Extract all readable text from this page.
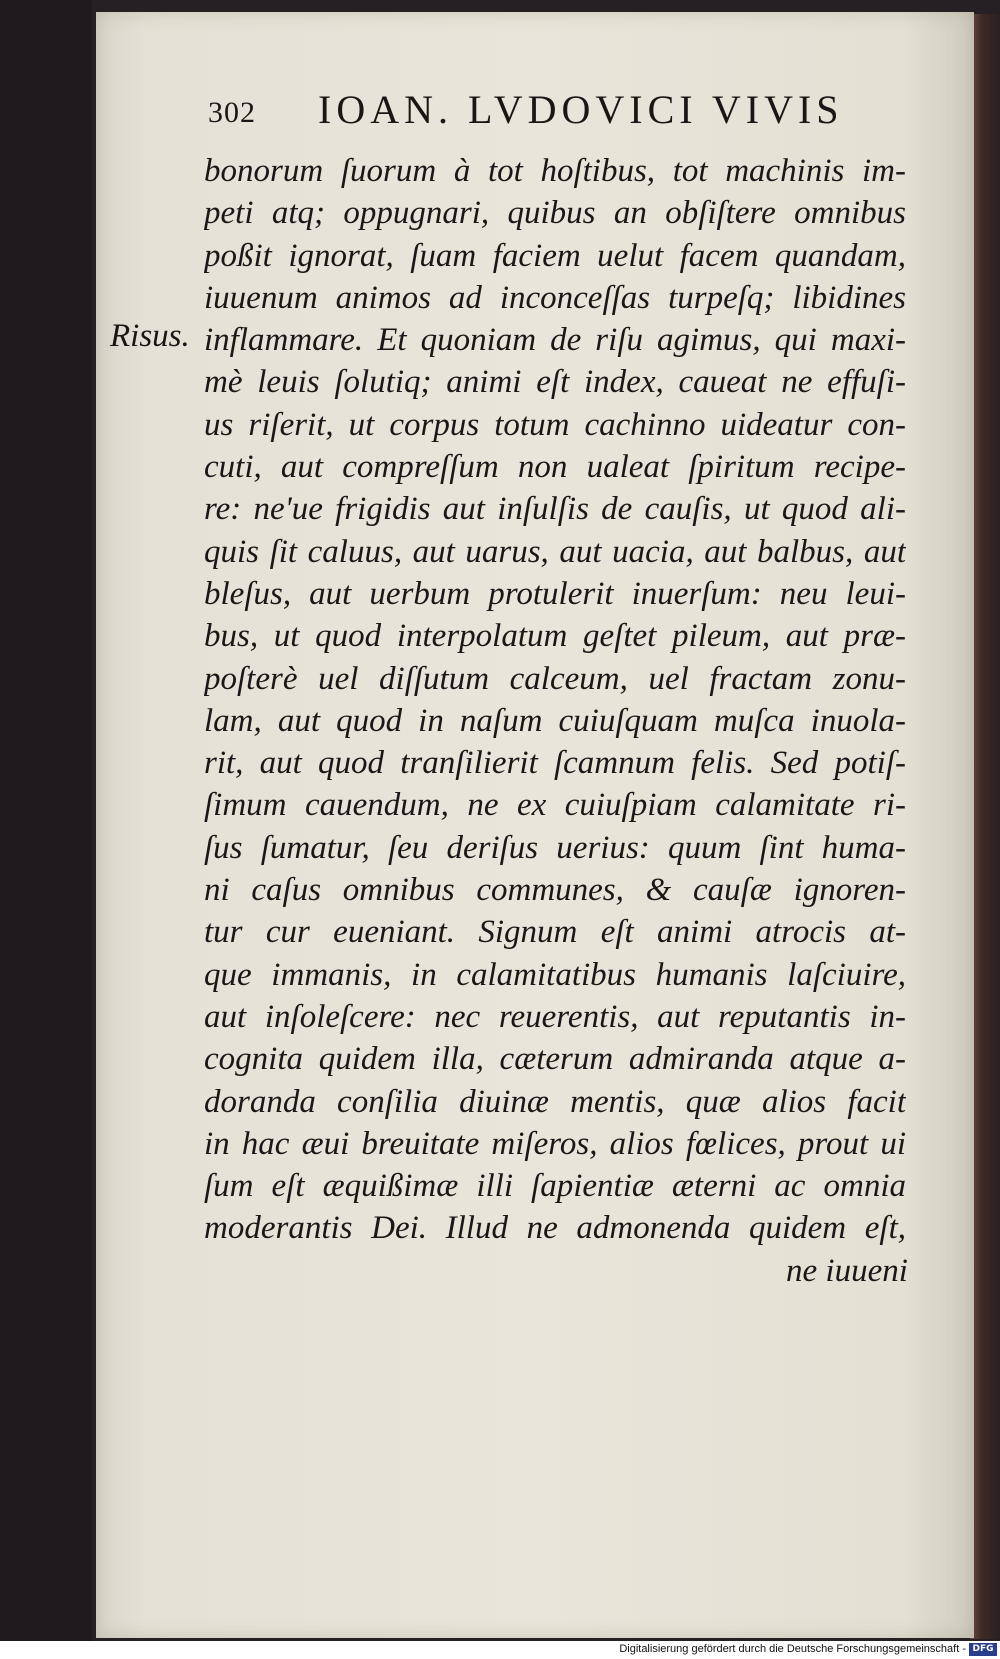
302 IOAN. LVDOVICI VIVIS
Risus.
bonorum ſuorum à tot hoſtibus, tot machinis im-
peti atq; oppugnari, quibus an obſiſtere omnibus
poßit ignorat, ſuam faciem uelut facem quandam,
iuuenum animos ad inconceſſas turpeſq; libidines
inflammare. Et quoniam de riſu agimus, qui maxi-
mè leuis ſolutiq; animi eſt index, caueat ne effuſi-
us riſerit, ut corpus totum cachinno uideatur con-
cuti, aut compreſſum non ualeat ſpiritum recipe-
re: ne'ue frigidis aut inſulſis de cauſis, ut quod ali-
quis ſit caluus, aut uarus, aut uacia, aut balbus, aut
bleſus, aut uerbum protulerit inuerſum: neu leui-
bus, ut quod interpolatum geſtet pileum, aut præ-
poſterè uel diſſutum calceum, uel fractam zonu-
lam, aut quod in naſum cuiuſquam muſca inuola-
rit, aut quod tranſilierit ſcamnum felis. Sed potiſ-
ſimum cauendum, ne ex cuiuſpiam calamitate ri-
ſus ſumatur, ſeu deriſus uerius: quum ſint huma-
ni caſus omnibus communes, & cauſæ ignoren-
tur cur eueniant. Signum eſt animi atrocis at-
que immanis, in calamitatibus humanis laſciuire,
aut inſoleſcere: nec reuerentis, aut reputantis in-
cognita quidem illa, cæterum admiranda atque a-
doranda conſilia diuinæ mentis, quæ alios facit
in hac æui breuitate miſeros, alios fœlices, prout ui
ſum eſt æquißimæ illi ſapientiæ æterni ac omnia
moderantis Dei. Illud ne admonenda quidem eſt,
ne iuueni
Digitalisierung gefördert durch die Deutsche Forschungsgemeinschaft - DFG
